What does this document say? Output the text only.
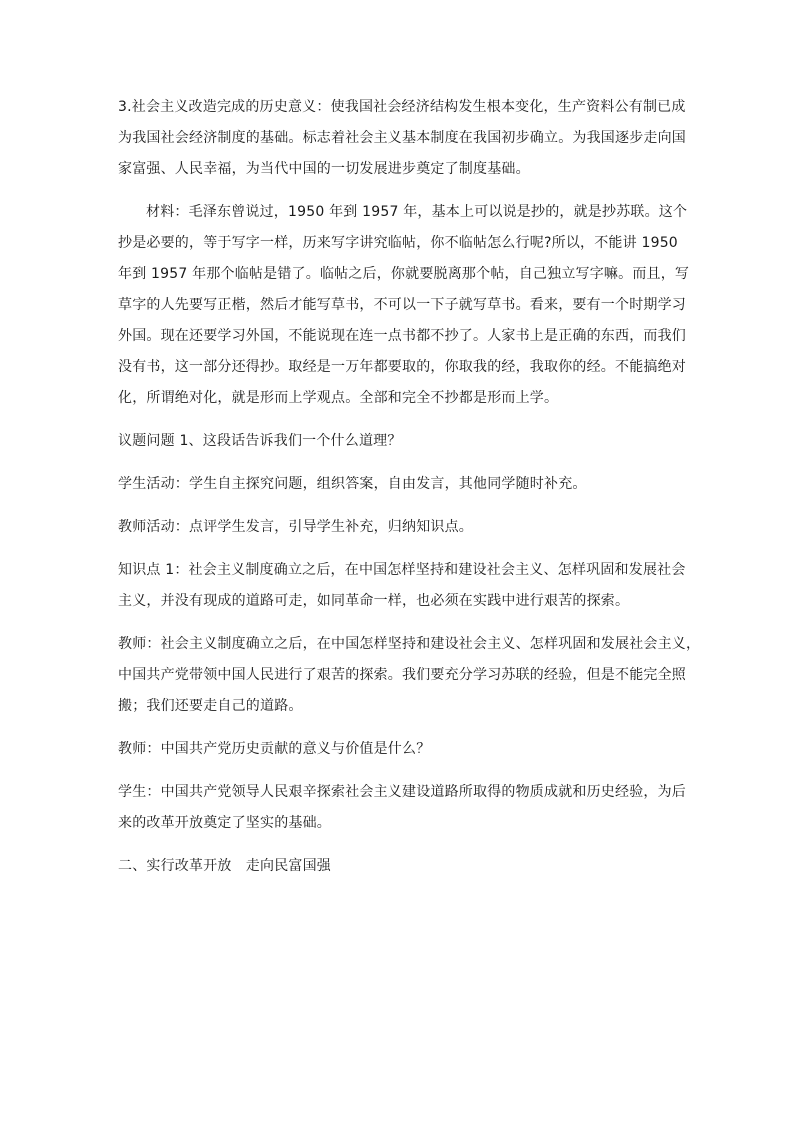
3.社会主义改造完成的历史意义：使我国社会经济结构发生根本变化，生产资料公有制已成
为我国社会经济制度的基础。标志着社会主义基本制度在我国初步确立。为我国逐步走向国
家富强、人民幸福，为当代中国的一切发展进步奠定了制度基础。

材料：毛泽东曾说过，1950 年到 1957 年，基本上可以说是抄的，就是抄苏联。这个
抄是必要的，等于写字一样，历来写字讲究临帖，你不临帖怎么行呢?所以，不能讲 1950
年到 1957 年那个临帖是错了。临帖之后，你就要脱离那个帖，自己独立写字嘛。而且，写
草字的人先要写正楷，然后才能写草书，不可以一下子就写草书。看来，要有一个时期学习
外国。现在还要学习外国，不能说现在连一点书都不抄了。人家书上是正确的东西，而我们
没有书，这一部分还得抄。取经是一万年都要取的，你取我的经，我取你的经。不能搞绝对
化，所谓绝对化，就是形而上学观点。全部和完全不抄都是形而上学。

议题问题 1、这段话告诉我们一个什么道理？

学生活动：学生自主探究问题，组织答案，自由发言，其他同学随时补充。

教师活动：点评学生发言，引导学生补充，归纳知识点。

知识点 1：社会主义制度确立之后，在中国怎样坚持和建设社会主义、怎样巩固和发展社会
主义，并没有现成的道路可走，如同革命一样，也必须在实践中进行艰苦的探索。

教师：社会主义制度确立之后，在中国怎样坚持和建设社会主义、怎样巩固和发展社会主义，
中国共产党带领中国人民进行了艰苦的探索。我们要充分学习苏联的经验，但是不能完全照
搬；我们还要走自己的道路。

教师：中国共产党历史贡献的意义与价值是什么？

学生：中国共产党领导人民艰辛探索社会主义建设道路所取得的物质成就和历史经验，为后
来的改革开放奠定了坚实的基础。

二、实行改革开放　走向民富国强
